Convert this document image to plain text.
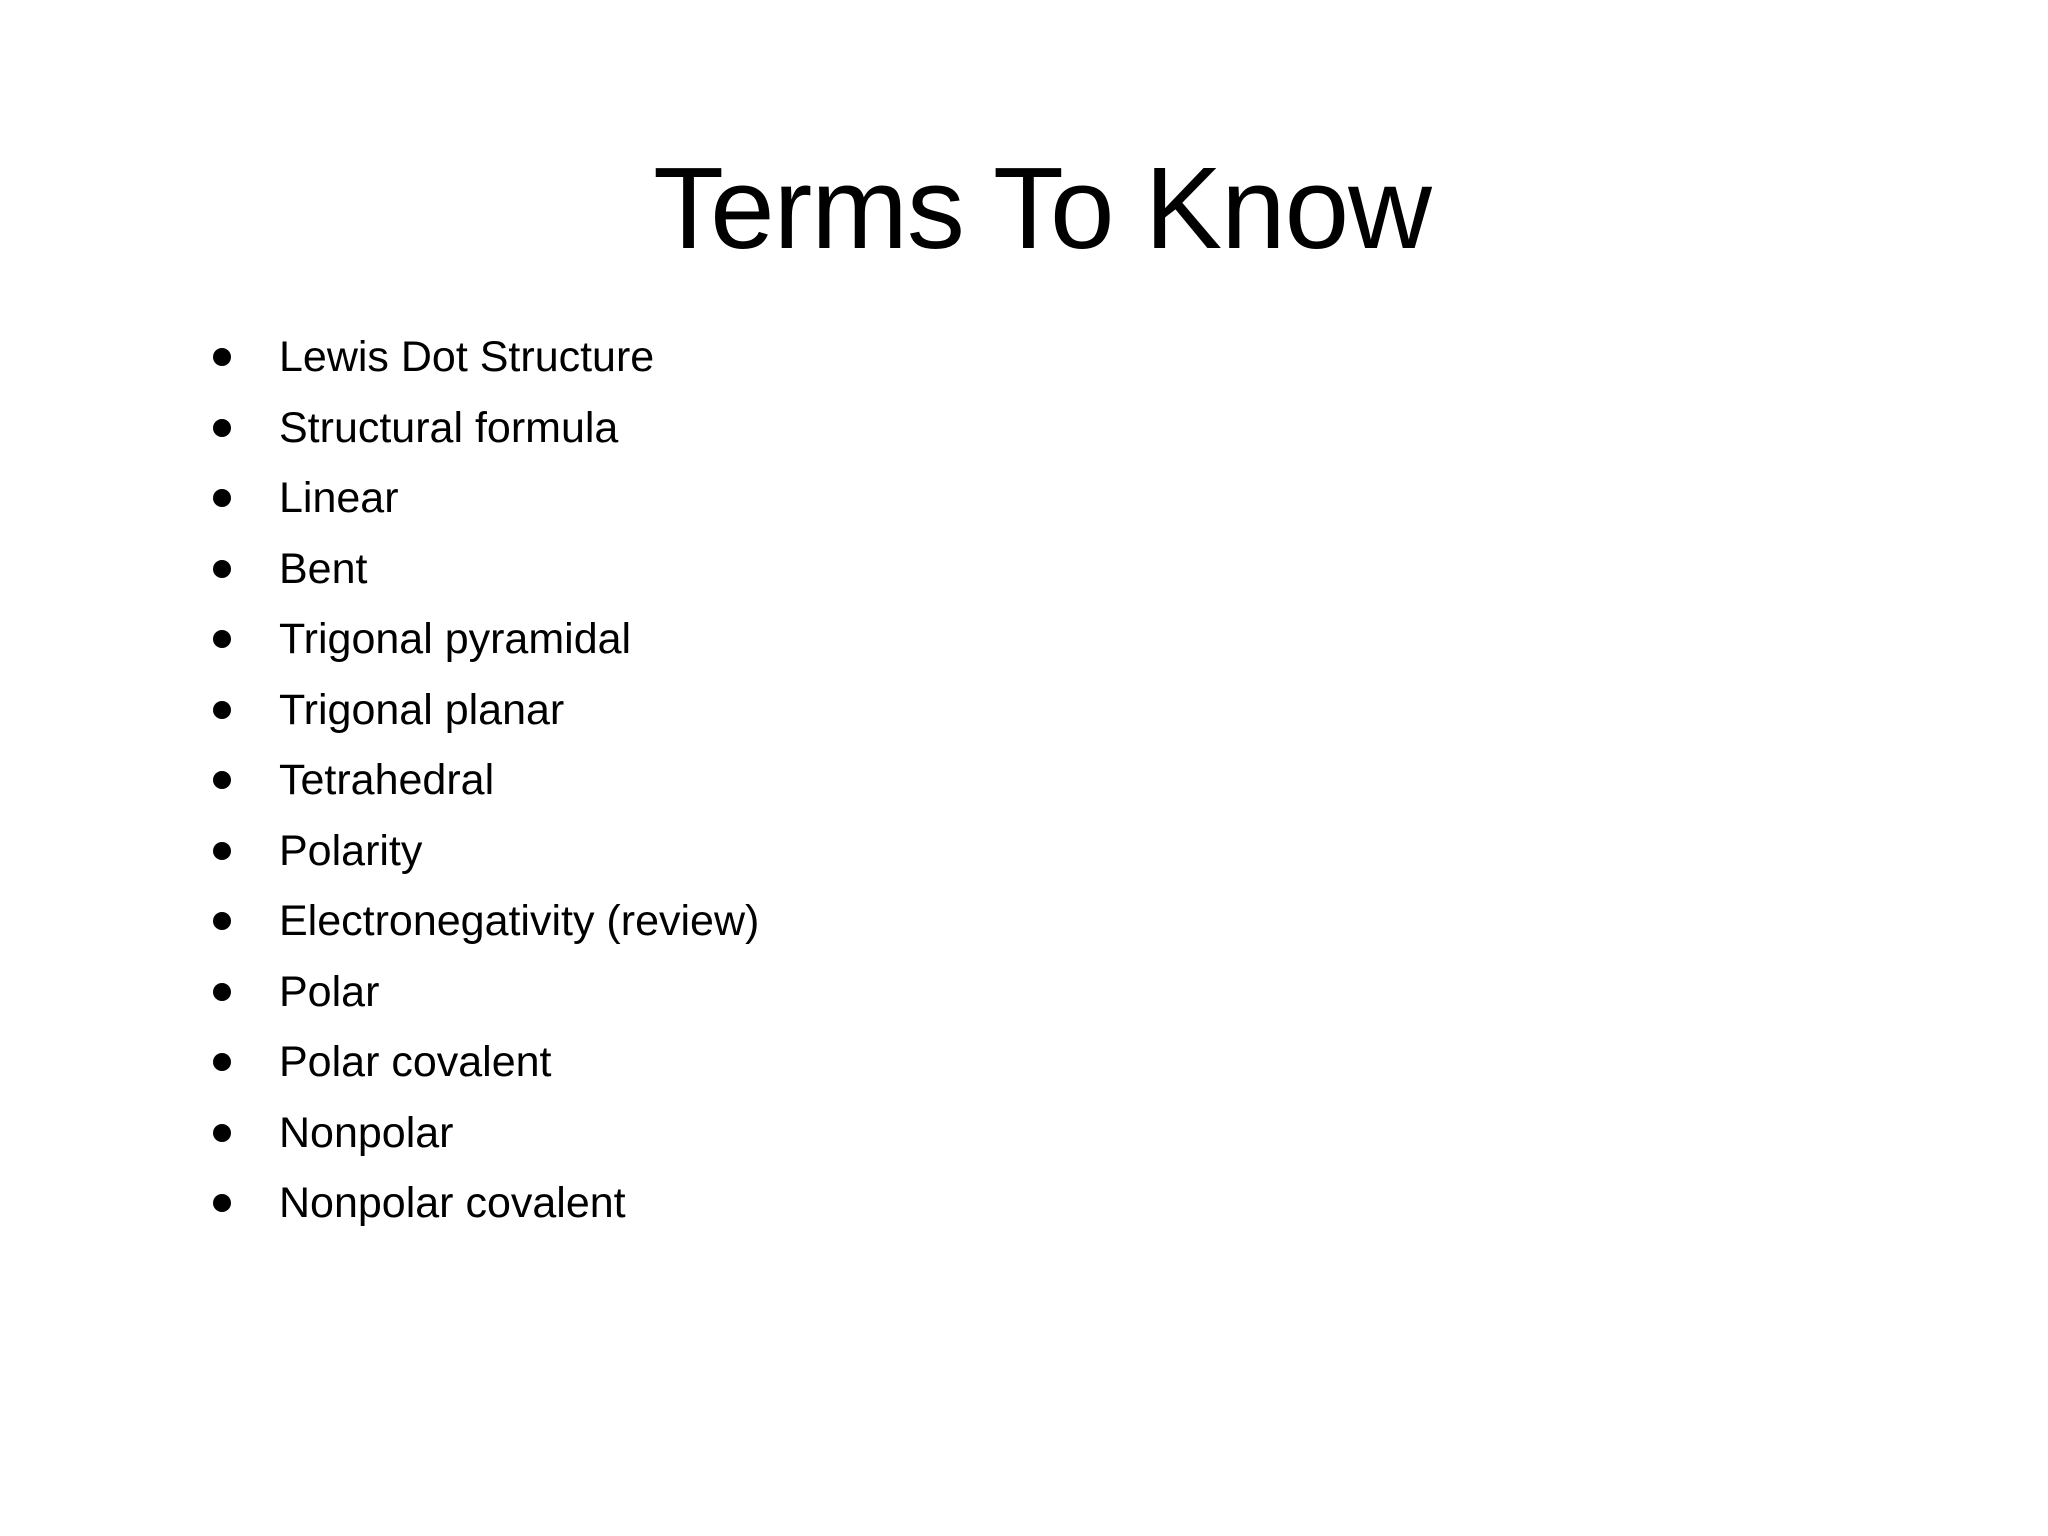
Terms To Know
Lewis Dot Structure
Structural formula
Linear
Bent
Trigonal pyramidal
Trigonal planar
Tetrahedral
Polarity
Electronegativity (review)
Polar
Polar covalent
Nonpolar
Nonpolar covalent
